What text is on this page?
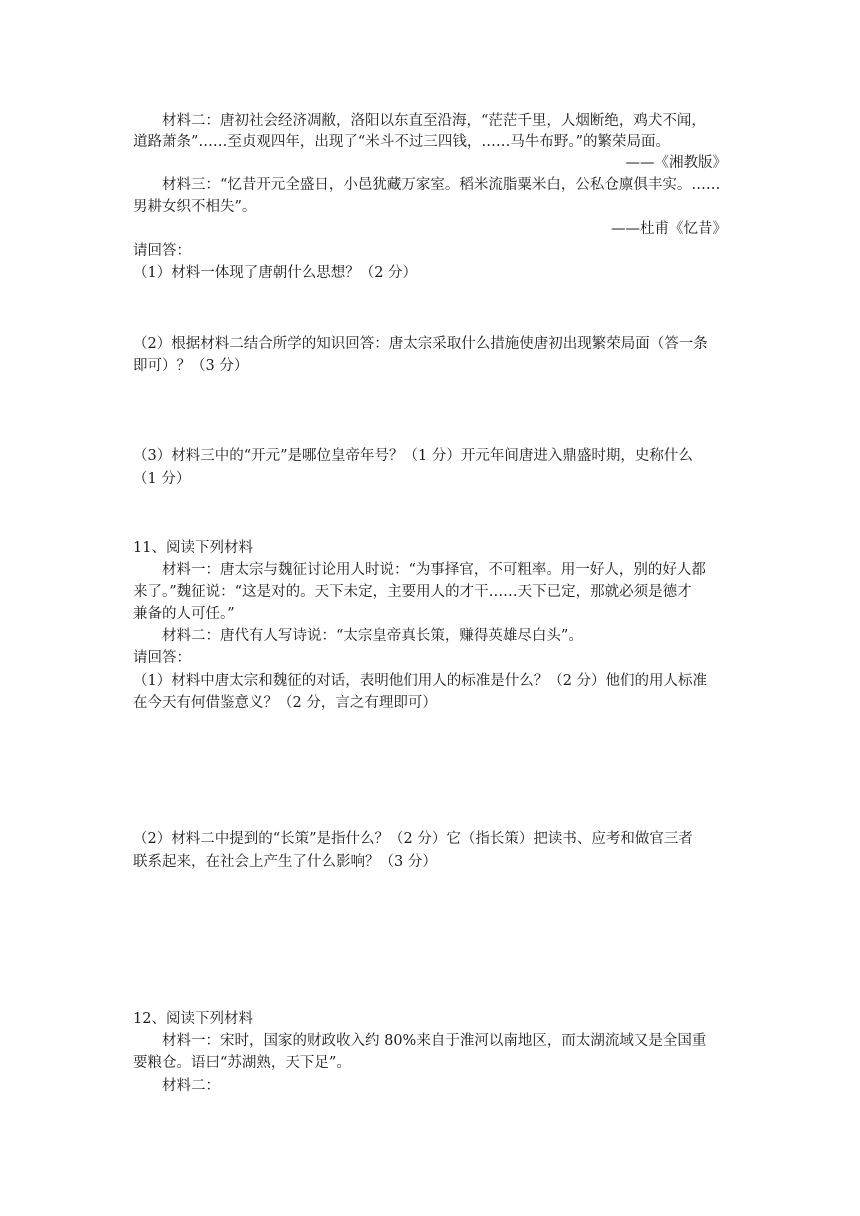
材料二：唐初社会经济凋敝，洛阳以东直至沿海，“茫茫千里，人烟断绝，鸡犬不闻，
道路萧条”……至贞观四年，出现了“米斗不过三四钱，……马牛布野。”的繁荣局面。
——《湘教版》
材料三：“忆昔开元全盛日，小邑犹藏万家室。稻米流脂粟米白，公私仓廪俱丰实。……
男耕女织不相失”。
——杜甫《忆昔》
请回答：
（1）材料一体现了唐朝什么思想？（2 分）
（2）根据材料二结合所学的知识回答：唐太宗采取什么措施使唐初出现繁荣局面（答一条
即可）？（3 分）
（3）材料三中的“开元”是哪位皇帝年号？（1 分）开元年间唐进入鼎盛时期，史称什么
（1 分）
11、阅读下列材料
材料一：唐太宗与魏征讨论用人时说：“为事择官，不可粗率。用一好人，别的好人都
来了。”魏征说：“这是对的。天下未定，主要用人的才干……天下已定，那就必须是德才
兼备的人可任。”
材料二：唐代有人写诗说：“太宗皇帝真长策，赚得英雄尽白头”。
请回答：
（1）材料中唐太宗和魏征的对话，表明他们用人的标准是什么？（2 分）他们的用人标准
在今天有何借鉴意义？（2 分，言之有理即可）
（2）材料二中提到的“长策”是指什么？（2 分）它（指长策）把读书、应考和做官三者
联系起来，在社会上产生了什么影响？（3 分）
12、阅读下列材料
材料一：宋时，国家的财政收入约 80%来自于淮河以南地区，而太湖流域又是全国重
要粮仓。语曰“苏湖熟，天下足”。
材料二：
